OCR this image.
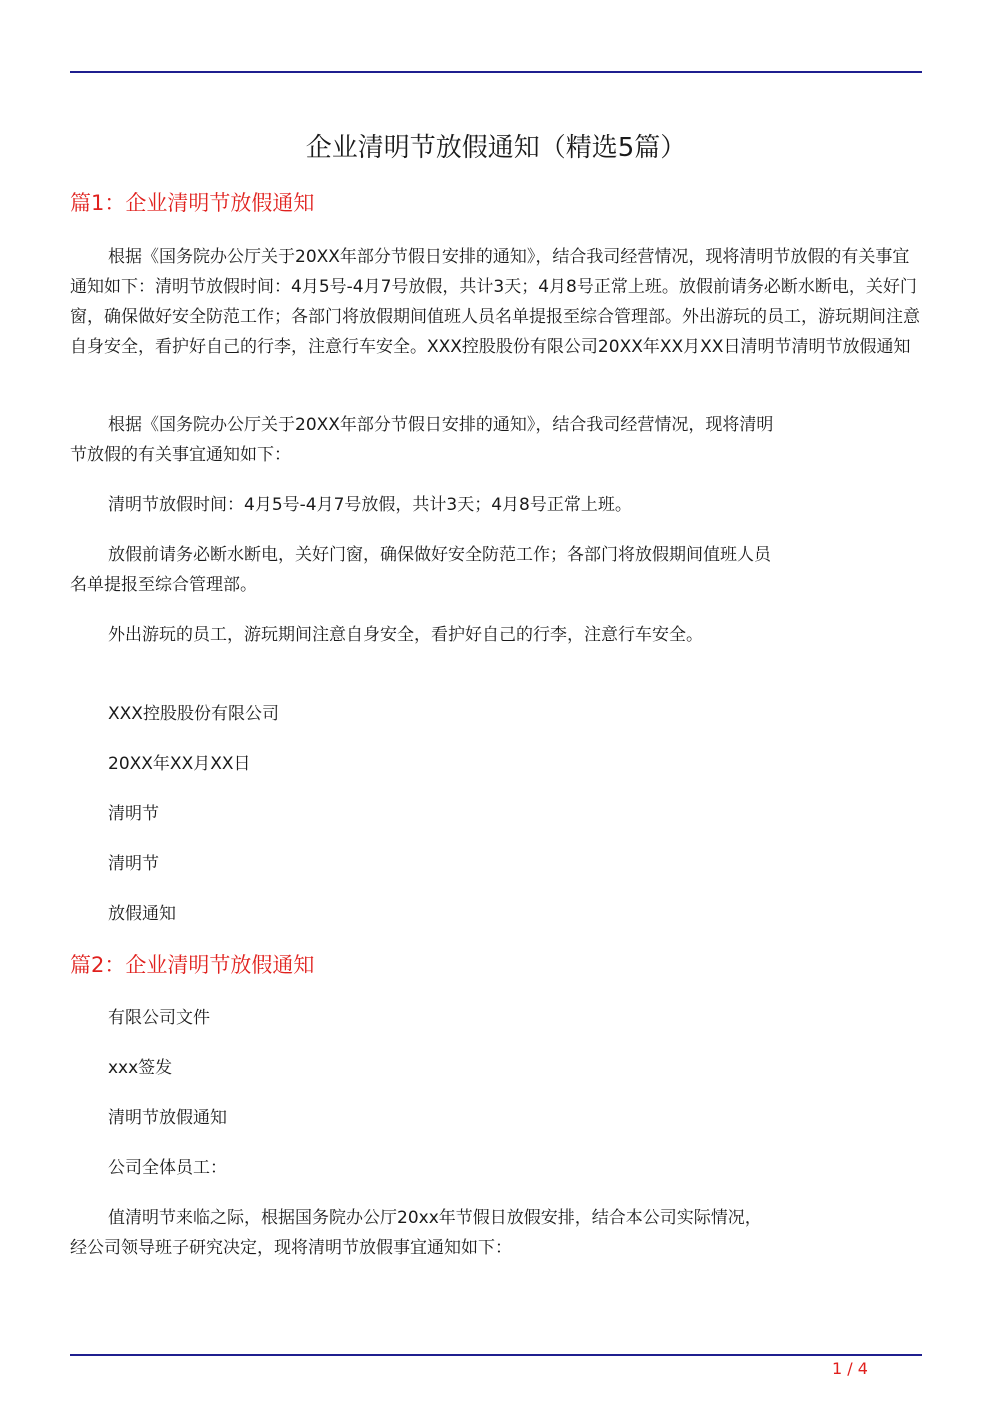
企业清明节放假通知（精选5篇）
篇1：企业清明节放假通知

根据《国务院办公厅关于20XX年部分节假日安排的通知》，结合我司经营情况，现将清明节放假的有关事宜通知如下：清明节放假时间：4月5号-4月7号放假，共计3天；4月8号正常上班。放假前请务必断水断电，关好门窗，确保做好安全防范工作；各部门将放假期间值班人员名单提报至综合管理部。外出游玩的员工，游玩期间注意自身安全，看护好自己的行李，注意行车安全。XXX控股股份有限公司20XX年XX月XX日清明节清明节放假通知

根据《国务院办公厅关于20XX年部分节假日安排的通知》，结合我司经营情况，现将清明节放假的有关事宜通知如下：

清明节放假时间：4月5号-4月7号放假，共计3天；4月8号正常上班。

放假前请务必断水断电，关好门窗，确保做好安全防范工作；各部门将放假期间值班人员名单提报至综合管理部。

外出游玩的员工，游玩期间注意自身安全，看护好自己的行李，注意行车安全。

XXX控股股份有限公司

20XX年XX月XX日

清明节

清明节

放假通知

篇2：企业清明节放假通知

有限公司文件

xxx签发

清明节放假通知

公司全体员工：

值清明节来临之际，根据国务院办公厅20xx年节假日放假安排，结合本公司实际情况，经公司领导班子研究决定，现将清明节放假事宜通知如下：

1 / 4
